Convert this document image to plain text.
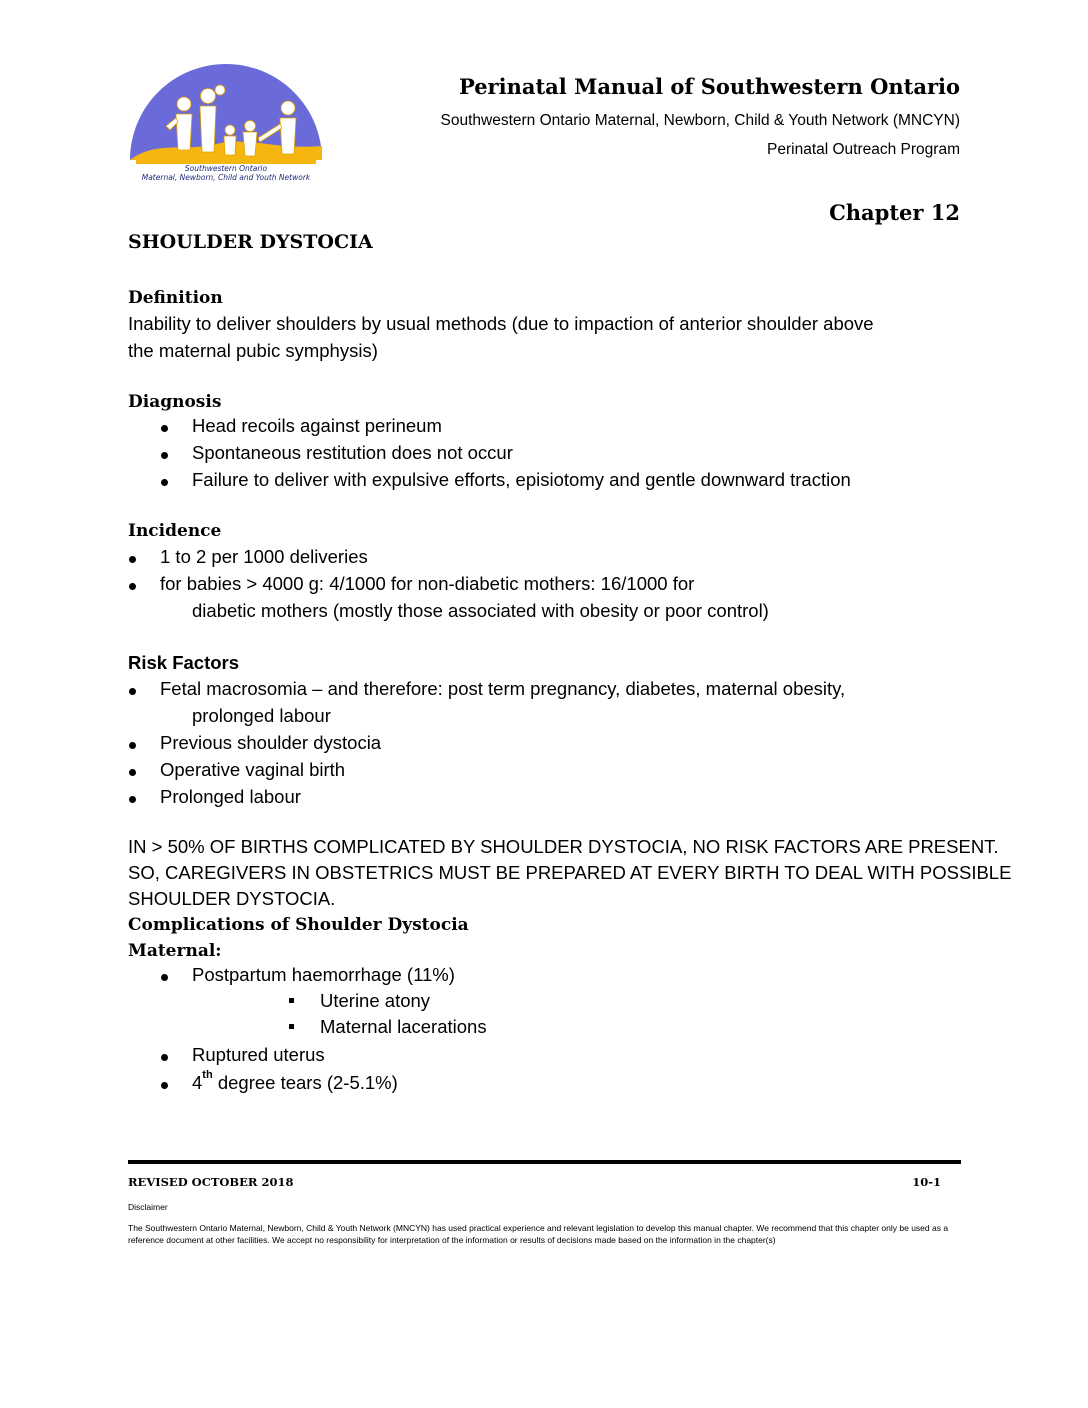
Southwestern Ontario
Maternal, Newborn, Child and Youth Network
Perinatal Manual of Southwestern Ontario
Southwestern Ontario Maternal, Newborn, Child & Youth Network (MNCYN)
Perinatal Outreach Program
Chapter 12
SHOULDER DYSTOCIA
Definition
Inability to deliver shoulders by usual methods (due to impaction of anterior shoulder above
the maternal pubic symphysis)
Diagnosis
Head recoils against perineum
Spontaneous restitution does not occur
Failure to deliver with expulsive efforts, episiotomy and gentle downward traction
Incidence
1 to 2 per 1000 deliveries
for babies > 4000 g: 4/1000 for non-diabetic mothers: 16/1000 for
diabetic mothers (mostly those associated with obesity or poor control)
Risk Factors
Fetal macrosomia – and therefore: post term pregnancy, diabetes, maternal obesity,
prolonged labour
Previous shoulder dystocia
Operative vaginal birth
Prolonged labour
IN > 50% OF BIRTHS COMPLICATED BY SHOULDER DYSTOCIA, NO RISK FACTORS ARE PRESENT.
SO, CAREGIVERS IN OBSTETRICS MUST BE PREPARED AT EVERY BIRTH TO DEAL WITH POSSIBLE
SHOULDER DYSTOCIA.
Complications of Shoulder Dystocia
Maternal:
Postpartum haemorrhage (11%)
Uterine atony
Maternal lacerations
Ruptured uterus
4th degree tears (2-5.1%)
REVISED OCTOBER 2018	10-1
Disclaimer
The Southwestern Ontario Maternal, Newborn, Child & Youth Network (MNCYN) has used practical experience and relevant legislation to develop this manual chapter. We recommend that this chapter only be used as a reference document at other facilities. We accept no responsibility for interpretation of the information or results of decisions made based on the information in the chapter(s)
